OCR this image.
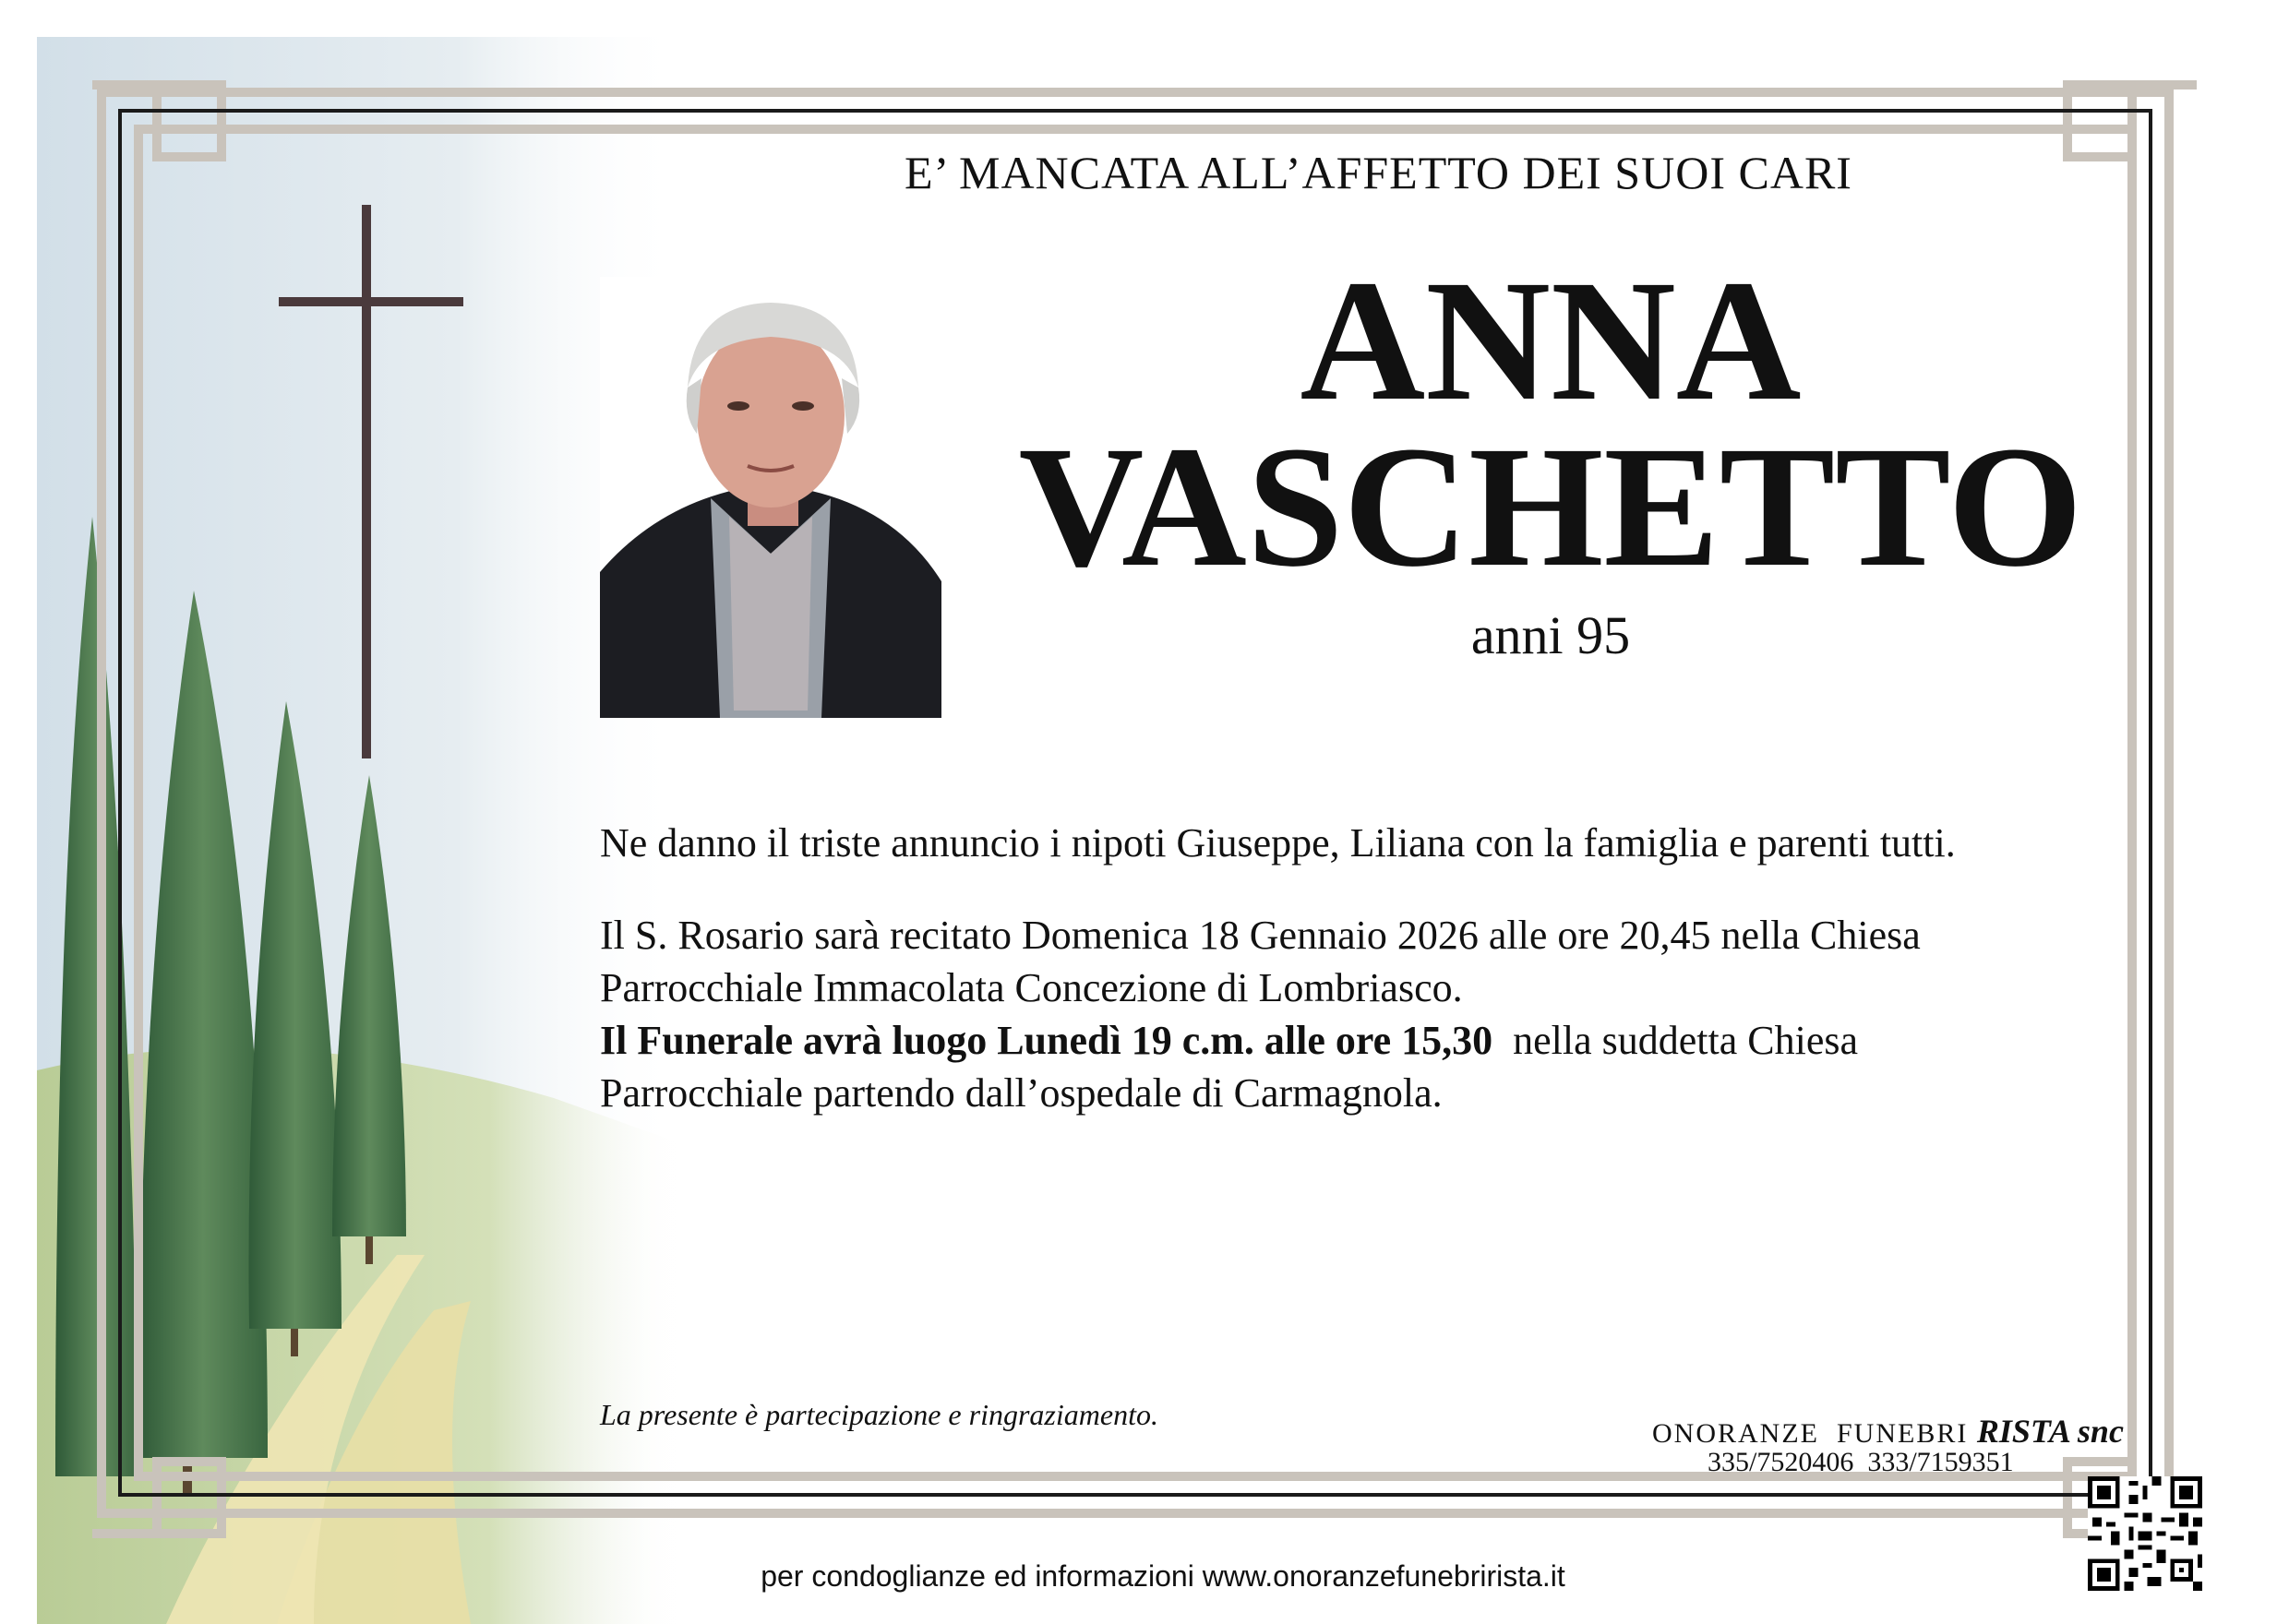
E’ MANCATA ALL’AFFETTO DEI SUOI CARI
ANNA
VASCHETTO
anni 95
Ne danno il triste annuncio i nipoti Giuseppe, Liliana con la famiglia e parenti tutti.
Il S. Rosario sarà recitato Domenica 18 Gennaio 2026 alle ore 20,45 nella Chiesa
Parrocchiale Immacolata Concezione di Lombriasco.
Il Funerale avrà luogo Lunedì 19 c.m. alle ore 15,30  nella suddetta Chiesa
Parrocchiale partendo dall’ospedale di Carmagnola.
La presente è partecipazione e ringraziamento.
ONORANZE  FUNEBRI RISTA snc
335/7520406  333/7159351
per condoglianze ed informazioni www.onoranzefunebrirista.it
